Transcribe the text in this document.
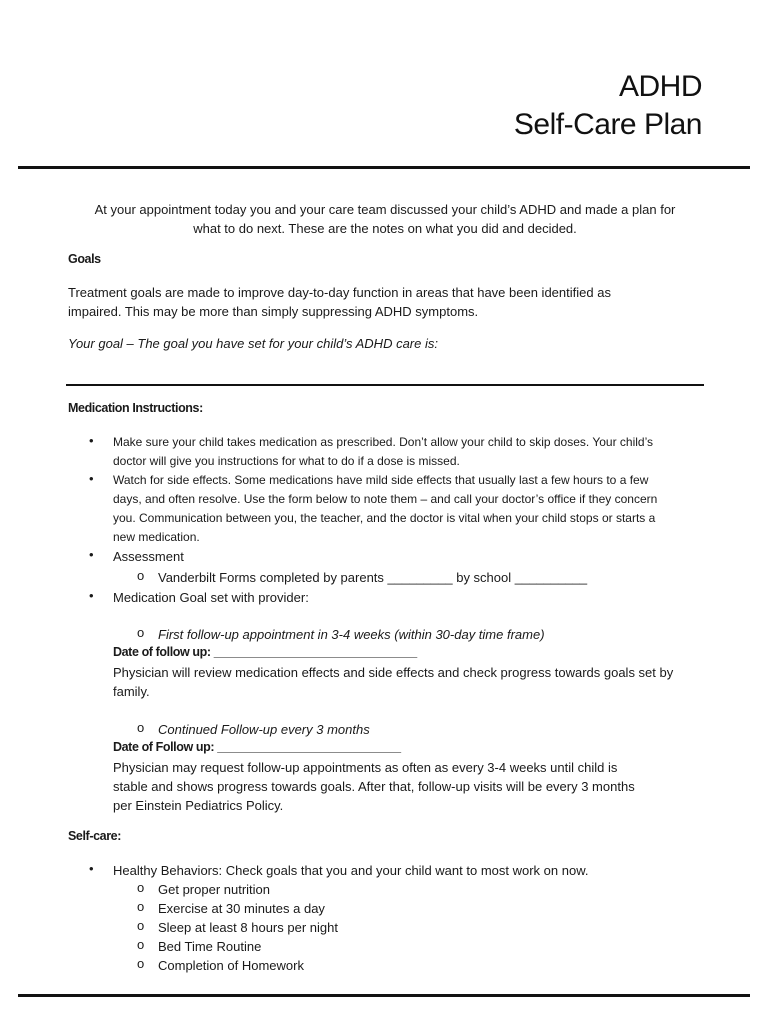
ADHD
Self-Care Plan
At your appointment today you and your care team discussed your child’s ADHD and made a plan for
what to do next. These are the notes on what you did and decided.
Goals
Treatment goals are made to improve day-to-day function in areas that have been identified as
impaired. This may be more than simply suppressing ADHD symptoms.
Your goal – The goal you have set for your child’s ADHD care is:
Medication Instructions:
• Make sure your child takes medication as prescribed. Don’t allow your child to skip doses. Your child’s
doctor will give you instructions for what to do if a dose is missed.
• Watch for side effects. Some medications have mild side effects that usually last a few hours to a few
days, and often resolve. Use the form below to note them – and call your doctor’s office if they concern
you. Communication between you, the teacher, and the doctor is vital when your child stops or starts a
new medication.
• Assessment
o Vanderbilt Forms completed by parents _________ by school __________
• Medication Goal set with provider:
o First follow-up appointment in 3-4 weeks (within 30-day time frame)
Date of follow up: _______________________________
Physician will review medication effects and side effects and check progress towards goals set by
family.
o Continued Follow-up every 3 months
Date of Follow up: ____________________________
Physician may request follow-up appointments as often as every 3-4 weeks until child is
stable and shows progress towards goals. After that, follow-up visits will be every 3 months
per Einstein Pediatrics Policy.
Self-care:
• Healthy Behaviors: Check goals that you and your child want to most work on now.
o Get proper nutrition
o Exercise at 30 minutes a day
o Sleep at least 8 hours per night
o Bed Time Routine
o Completion of Homework
